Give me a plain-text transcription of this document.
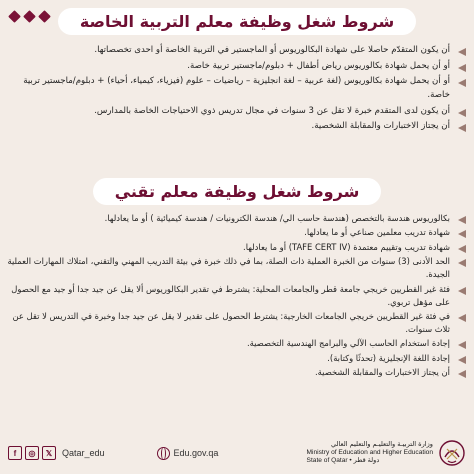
شروط شغل وظيفة معلم التربية الخاصة
أن يكون المتقدّم حاصلا على شهادة البكالوريوس أو الماجستير في التربية الخاصة أو احدى تخصصاتها.
أو أن يحمل شهادة بكالوريوس رياض أطفال + دبلوم/ماجستير تربية خاصة.
أو أن يحمل شهادة بكالوريوس (لغة عربية – لغة انجليزية – رياضيات – علوم (فيزياء، كيمياء، أحياء) + دبلوم/ماجستير تربية خاصة.
أن يكون لدى المتقدم خبرة لا تقل عن 3 سنوات في مجال تدريس ذوي الاحتياجات الخاصة بالمدارس.
أن يجتاز الاختبارات والمقابلة الشخصية.
شروط شغل وظيفة معلم تقني
بكالوريوس هندسة بالتخصص (هندسة حاسب الي/ هندسة الكترونيات / هندسة كيميائية ) أو ما يعادلها.
شهادة تدريب معلمين صناعي أو ما يعادلها.
شهادة تدريب وتقييم معتمدة (TAFE CERT IV) أو ما يعادلها.
الحد الأدنى (3) سنوات من الخبرة العملية ذات الصلة، بما في ذلك خبرة في بيئة التدريب المهني والتقني، امتلاك المهارات العملية الجيدة.
فئة غير القطريين خريجي جامعة قطر والجامعات المحلية: يشترط في تقدير البكالوريوس ألا يقل عن جيد جدا أو جيد مع الحصول على مؤهل تربوي.
في فئة غير القطريين خريجي الجامعات الخارجية: يشترط الحصول على تقدير لا يقل عن جيد جدا وخبرة في التدريس لا تقل عن ثلاث سنوات.
إجادة استخدام الحاسب الآلي والبرامج الهندسية التخصصية.
إجادة اللغة الإنجليزية (تحدثًا وكتابة).
أن يجتاز الاختبارات والمقابلة الشخصية.
f	◎	𝕏	Qatar_edu	Edu.gov.qa
وزارة التربيـة والتعليـم والتعليم العالي
Ministry of Education and Higher Education
State of Qatar • دولة قطر
